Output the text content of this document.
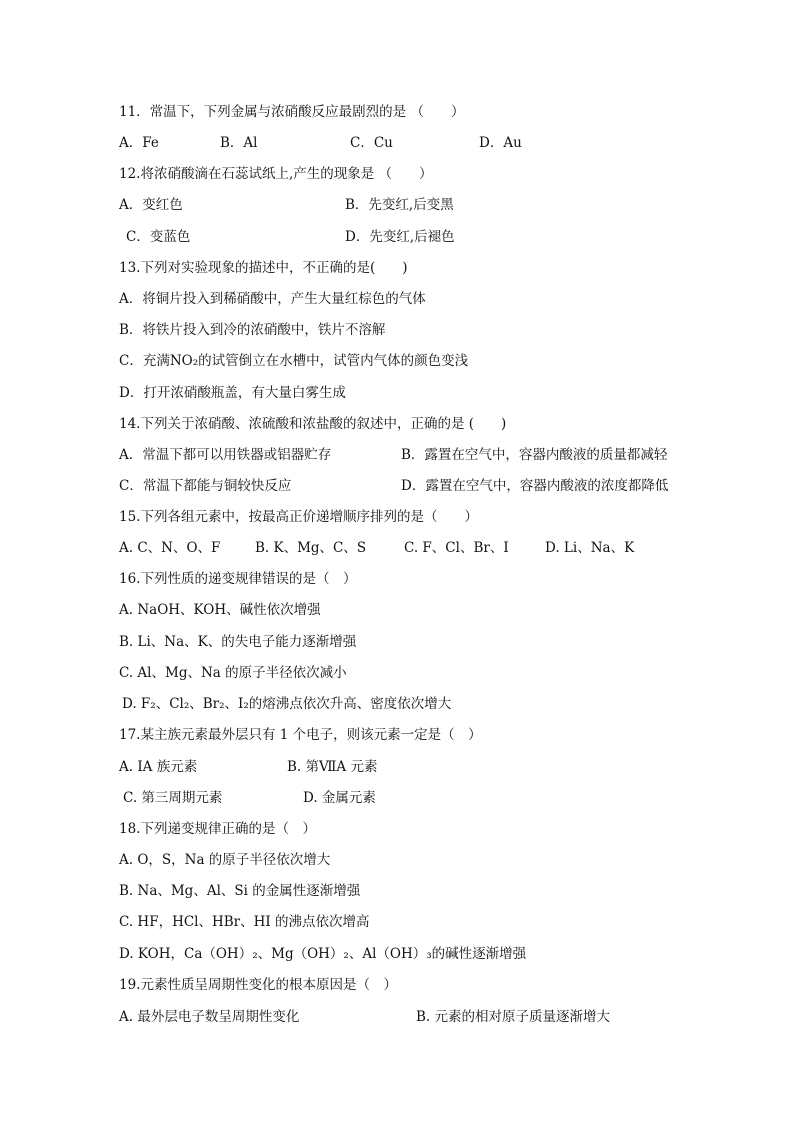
11．常温下，下列金属与浓硝酸反应最剧烈的是 （　　）
A．Fe	B．Al	C．Cu	D．Au
12.将浓硝酸滴在石蕊试纸上,产生的现象是 （　　）
A．变红色	B．先变红,后变黑
C．变蓝色	D．先变红,后褪色
13.下列对实验现象的描述中，不正确的是(　　)
A．将铜片投入到稀硝酸中，产生大量红棕色的气体
B．将铁片投入到冷的浓硝酸中，铁片不溶解
C．充满NO₂的试管倒立在水槽中，试管内气体的颜色变浅
D．打开浓硝酸瓶盖，有大量白雾生成
14.下列关于浓硝酸、浓硫酸和浓盐酸的叙述中，正确的是 (　　)
A．常温下都可以用铁器或铝器贮存	B．露置在空气中，容器内酸液的质量都减轻
C．常温下都能与铜较快反应	D．露置在空气中，容器内酸液的浓度都降低
15.下列各组元素中，按最高正价递增顺序排列的是（　　）
A. C、N、O、F	B. K、Mg、C、S	C. F、Cl、Br、I	D. Li、Na、K
16.下列性质的递变规律错误的是（　）
A. NaOH、KOH、碱性依次增强
B. Li、Na、K、的失电子能力逐渐增强
C. Al、Mg、Na 的原子半径依次减小
D. F₂、Cl₂、Br₂、I₂的熔沸点依次升高、密度依次增大
17.某主族元素最外层只有 1 个电子，则该元素一定是（　）
A. ⅠA 族元素	B. 第ⅦA 元素
C. 第三周期元素	D. 金属元素
18.下列递变规律正确的是（　）
A. O，S，Na 的原子半径依次增大
B. Na、Mg、Al、Si 的金属性逐渐增强
C. HF，HCl、HBr、HI 的沸点依次增高
D. KOH，Ca（OH）₂、Mg（OH）₂、Al（OH）₃的碱性逐渐增强
19.元素性质呈周期性变化的根本原因是（　）
A. 最外层电子数呈周期性变化	B. 元素的相对原子质量逐渐增大
